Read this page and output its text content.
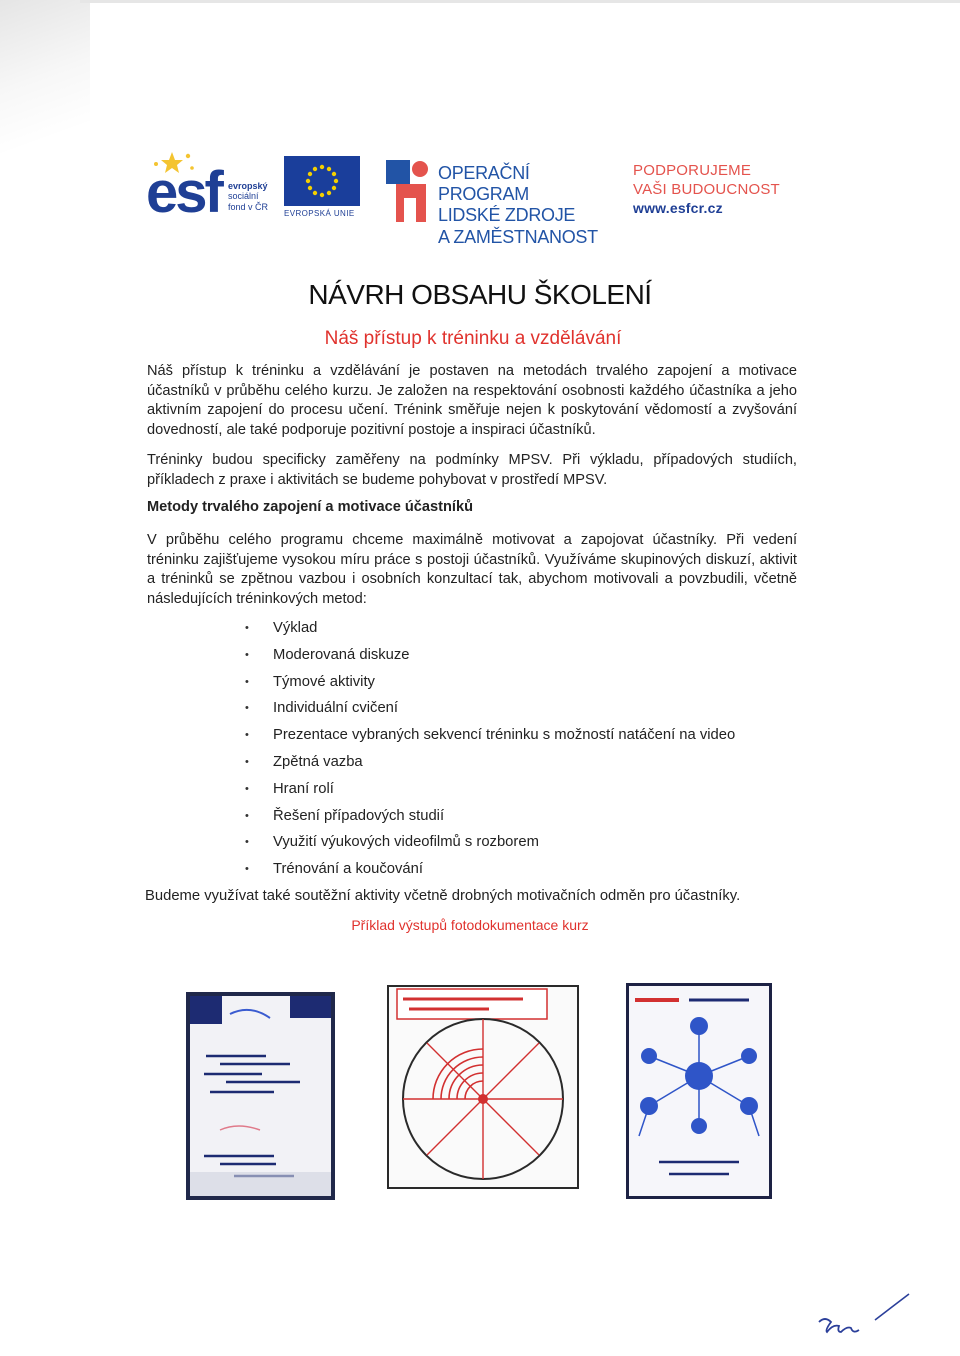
esf evropský
sociální
fond v ČR
EVROPSKÁ UNIE
OPERAČNÍ PROGRAM
LIDSKÉ ZDROJE
A ZAMĚSTNANOST
PODPORUJEME
VAŠI BUDOUCNOST
www.esfcr.cz
NÁVRH OBSAHU ŠKOLENÍ
Náš přístup k tréninku a vzdělávání

Náš přístup k tréninku a vzdělávání je postaven na metodách trvalého zapojení a motivace účastníků v průběhu celého kurzu. Je založen na respektování osobnosti každého účastníka a jeho aktivním zapojení do procesu učení. Trénink směřuje nejen k poskytování vědomostí a zvyšování dovedností, ale také podporuje pozitivní postoje a inspiraci účastníků.

Tréninky budou specificky zaměřeny na podmínky MPSV. Při výkladu, případových studiích, příkladech z praxe i aktivitách se budeme pohybovat v prostředí MPSV.

Metody trvalého zapojení a motivace účastníků

V průběhu celého programu chceme maximálně motivovat a zapojovat účastníky. Při vedení tréninku zajišťujeme vysokou míru práce s postoji účastníků. Využíváme skupinových diskuzí, aktivit a tréninků se zpětnou vazbou i osobních konzultací tak, abychom motivovali a povzbudili, včetně následujících tréninkových metod:

• Výklad
• Moderovaná diskuze
• Týmové aktivity
• Individuální cvičení
• Prezentace vybraných sekvencí tréninku s možností natáčení na video
• Zpětná vazba
• Hraní rolí
• Řešení případových studií
• Využití výukových videofilmů s rozborem
• Trénování a koučování

Budeme využívat také soutěžní aktivity včetně drobných motivačních odměn pro účastníky.

Příklad výstupů fotodokumentace kurz
